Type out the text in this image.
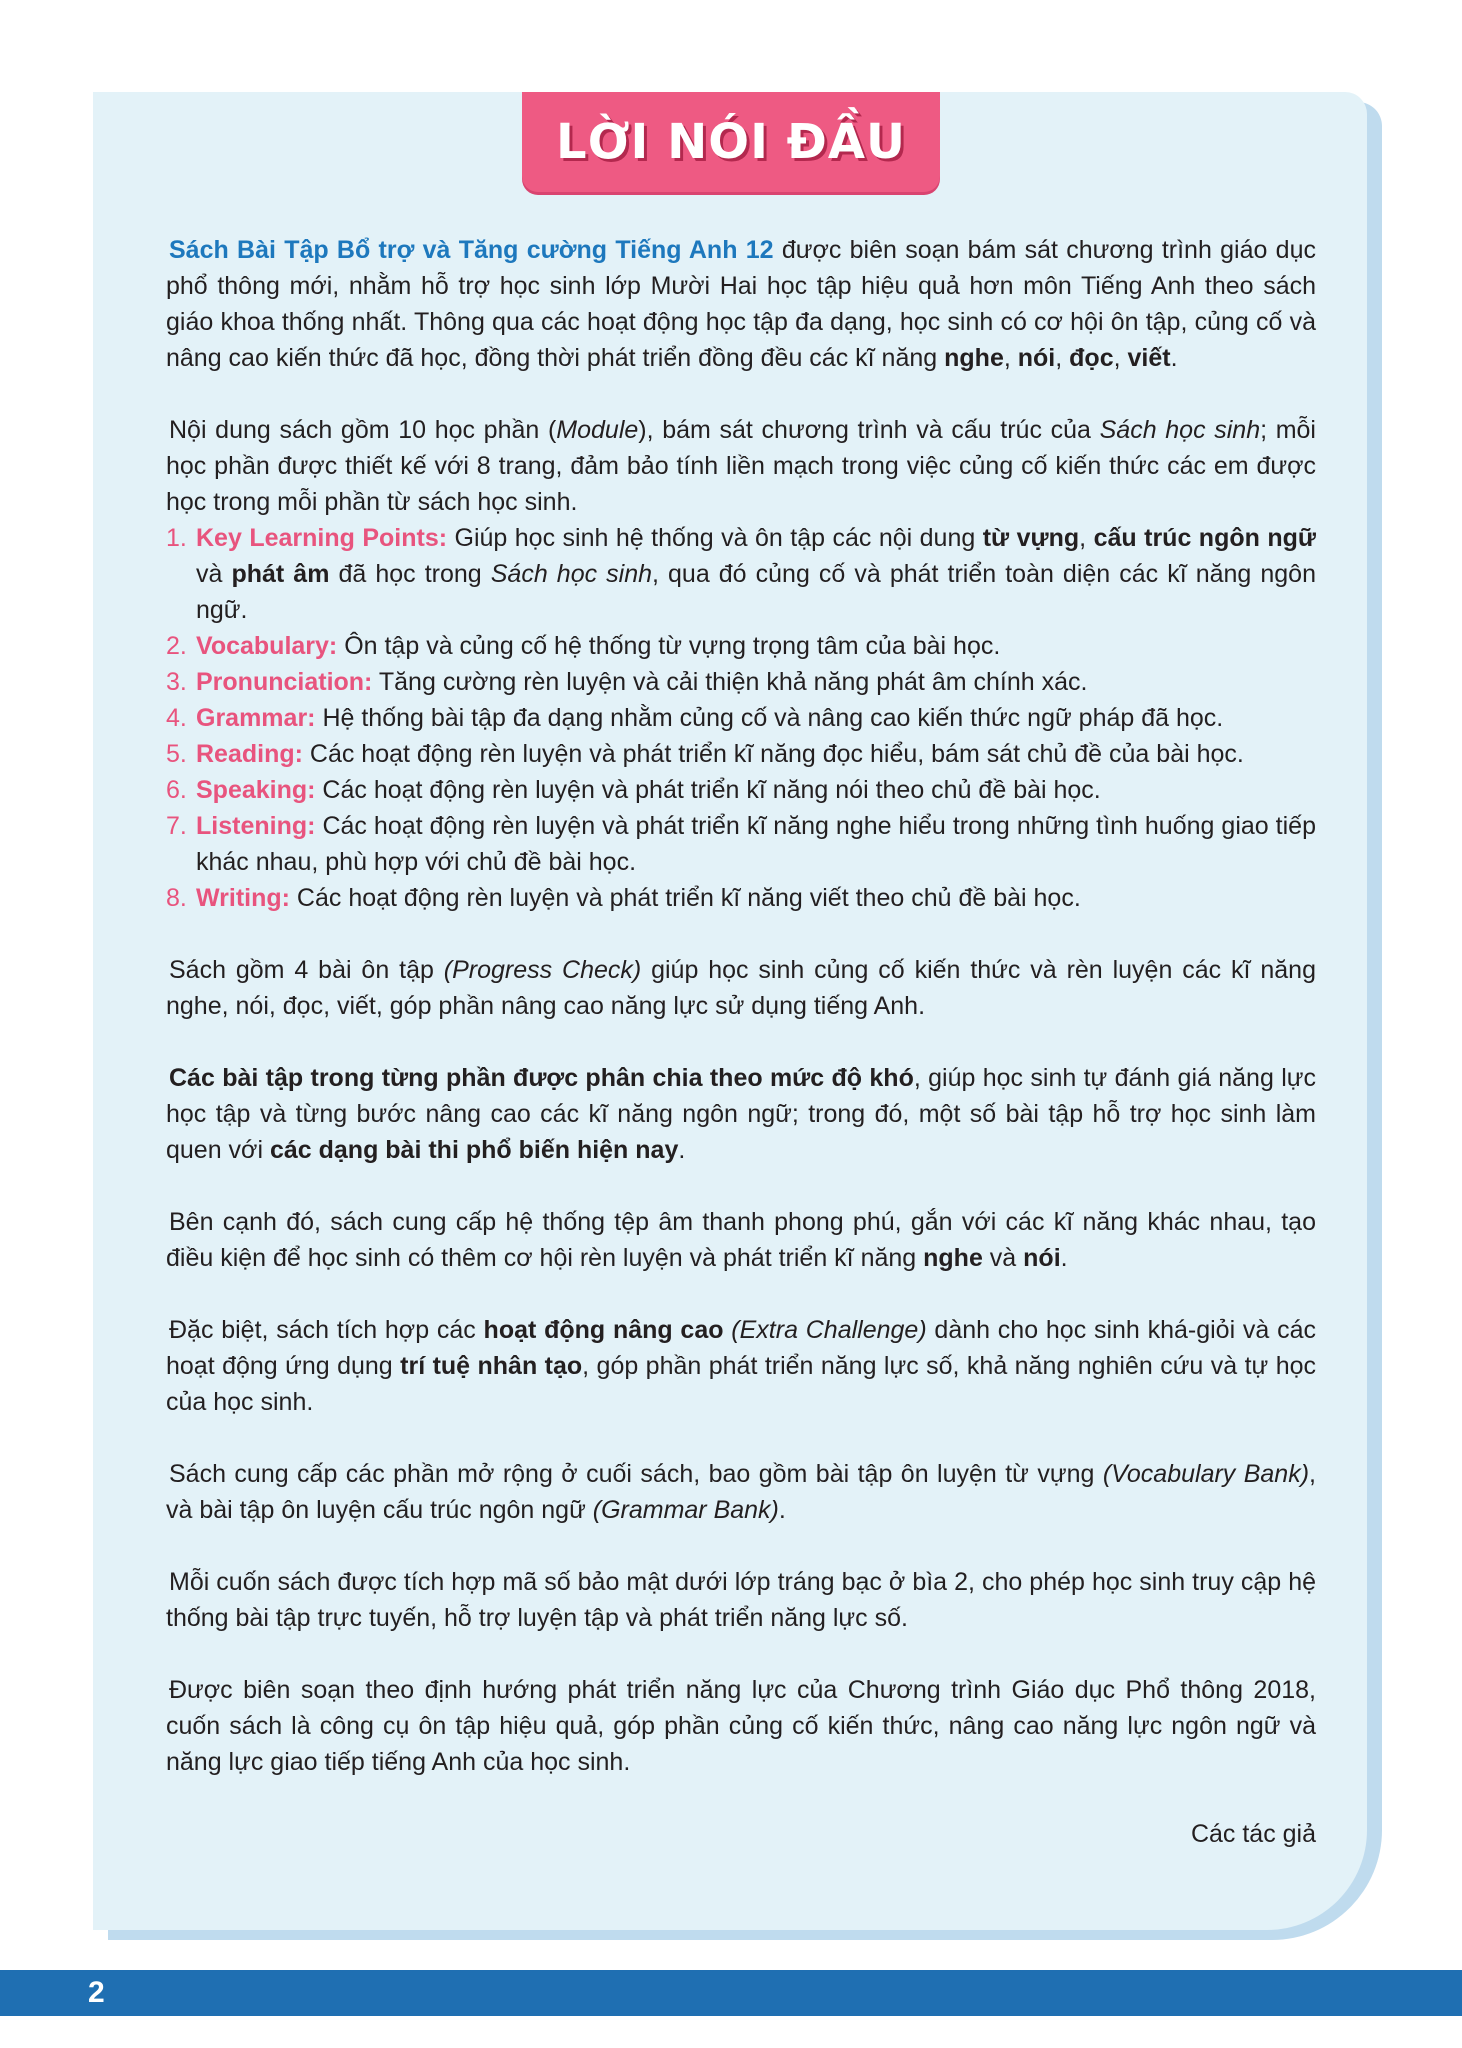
LỜI NÓI ĐẦU

Sách Bài Tập Bổ trợ và Tăng cường Tiếng Anh 12 được biên soạn bám sát chương trình giáo dục phổ thông mới, nhằm hỗ trợ học sinh lớp Mười Hai học tập hiệu quả hơn môn Tiếng Anh theo sách giáo khoa thống nhất. Thông qua các hoạt động học tập đa dạng, học sinh có cơ hội ôn tập, củng cố và nâng cao kiến thức đã học, đồng thời phát triển đồng đều các kĩ năng nghe, nói, đọc, viết.

Nội dung sách gồm 10 học phần (Module), bám sát chương trình và cấu trúc của Sách học sinh; mỗi học phần được thiết kế với 8 trang, đảm bảo tính liền mạch trong việc củng cố kiến thức các em được học trong mỗi phần từ sách học sinh.

1. Key Learning Points: Giúp học sinh hệ thống và ôn tập các nội dung từ vựng, cấu trúc ngôn ngữ và phát âm đã học trong Sách học sinh, qua đó củng cố và phát triển toàn diện các kĩ năng ngôn ngữ.
2. Vocabulary: Ôn tập và củng cố hệ thống từ vựng trọng tâm của bài học.
3. Pronunciation: Tăng cường rèn luyện và cải thiện khả năng phát âm chính xác.
4. Grammar: Hệ thống bài tập đa dạng nhằm củng cố và nâng cao kiến thức ngữ pháp đã học.
5. Reading: Các hoạt động rèn luyện và phát triển kĩ năng đọc hiểu, bám sát chủ đề của bài học.
6. Speaking: Các hoạt động rèn luyện và phát triển kĩ năng nói theo chủ đề bài học.
7. Listening: Các hoạt động rèn luyện và phát triển kĩ năng nghe hiểu trong những tình huống giao tiếp khác nhau, phù hợp với chủ đề bài học.
8. Writing: Các hoạt động rèn luyện và phát triển kĩ năng viết theo chủ đề bài học.

Sách gồm 4 bài ôn tập (Progress Check) giúp học sinh củng cố kiến thức và rèn luyện các kĩ năng nghe, nói, đọc, viết, góp phần nâng cao năng lực sử dụng tiếng Anh.

Các bài tập trong từng phần được phân chia theo mức độ khó, giúp học sinh tự đánh giá năng lực học tập và từng bước nâng cao các kĩ năng ngôn ngữ; trong đó, một số bài tập hỗ trợ học sinh làm quen với các dạng bài thi phổ biến hiện nay.

Bên cạnh đó, sách cung cấp hệ thống tệp âm thanh phong phú, gắn với các kĩ năng khác nhau, tạo điều kiện để học sinh có thêm cơ hội rèn luyện và phát triển kĩ năng nghe và nói.

Đặc biệt, sách tích hợp các hoạt động nâng cao (Extra Challenge) dành cho học sinh khá-giỏi và các hoạt động ứng dụng trí tuệ nhân tạo, góp phần phát triển năng lực số, khả năng nghiên cứu và tự học của học sinh.

Sách cung cấp các phần mở rộng ở cuối sách, bao gồm bài tập ôn luyện từ vựng (Vocabulary Bank), và bài tập ôn luyện cấu trúc ngôn ngữ (Grammar Bank).

Mỗi cuốn sách được tích hợp mã số bảo mật dưới lớp tráng bạc ở bìa 2, cho phép học sinh truy cập hệ thống bài tập trực tuyến, hỗ trợ luyện tập và phát triển năng lực số.

Được biên soạn theo định hướng phát triển năng lực của Chương trình Giáo dục Phổ thông 2018, cuốn sách là công cụ ôn tập hiệu quả, góp phần củng cố kiến thức, nâng cao năng lực ngôn ngữ và năng lực giao tiếp tiếng Anh của học sinh.

Các tác giả
2
